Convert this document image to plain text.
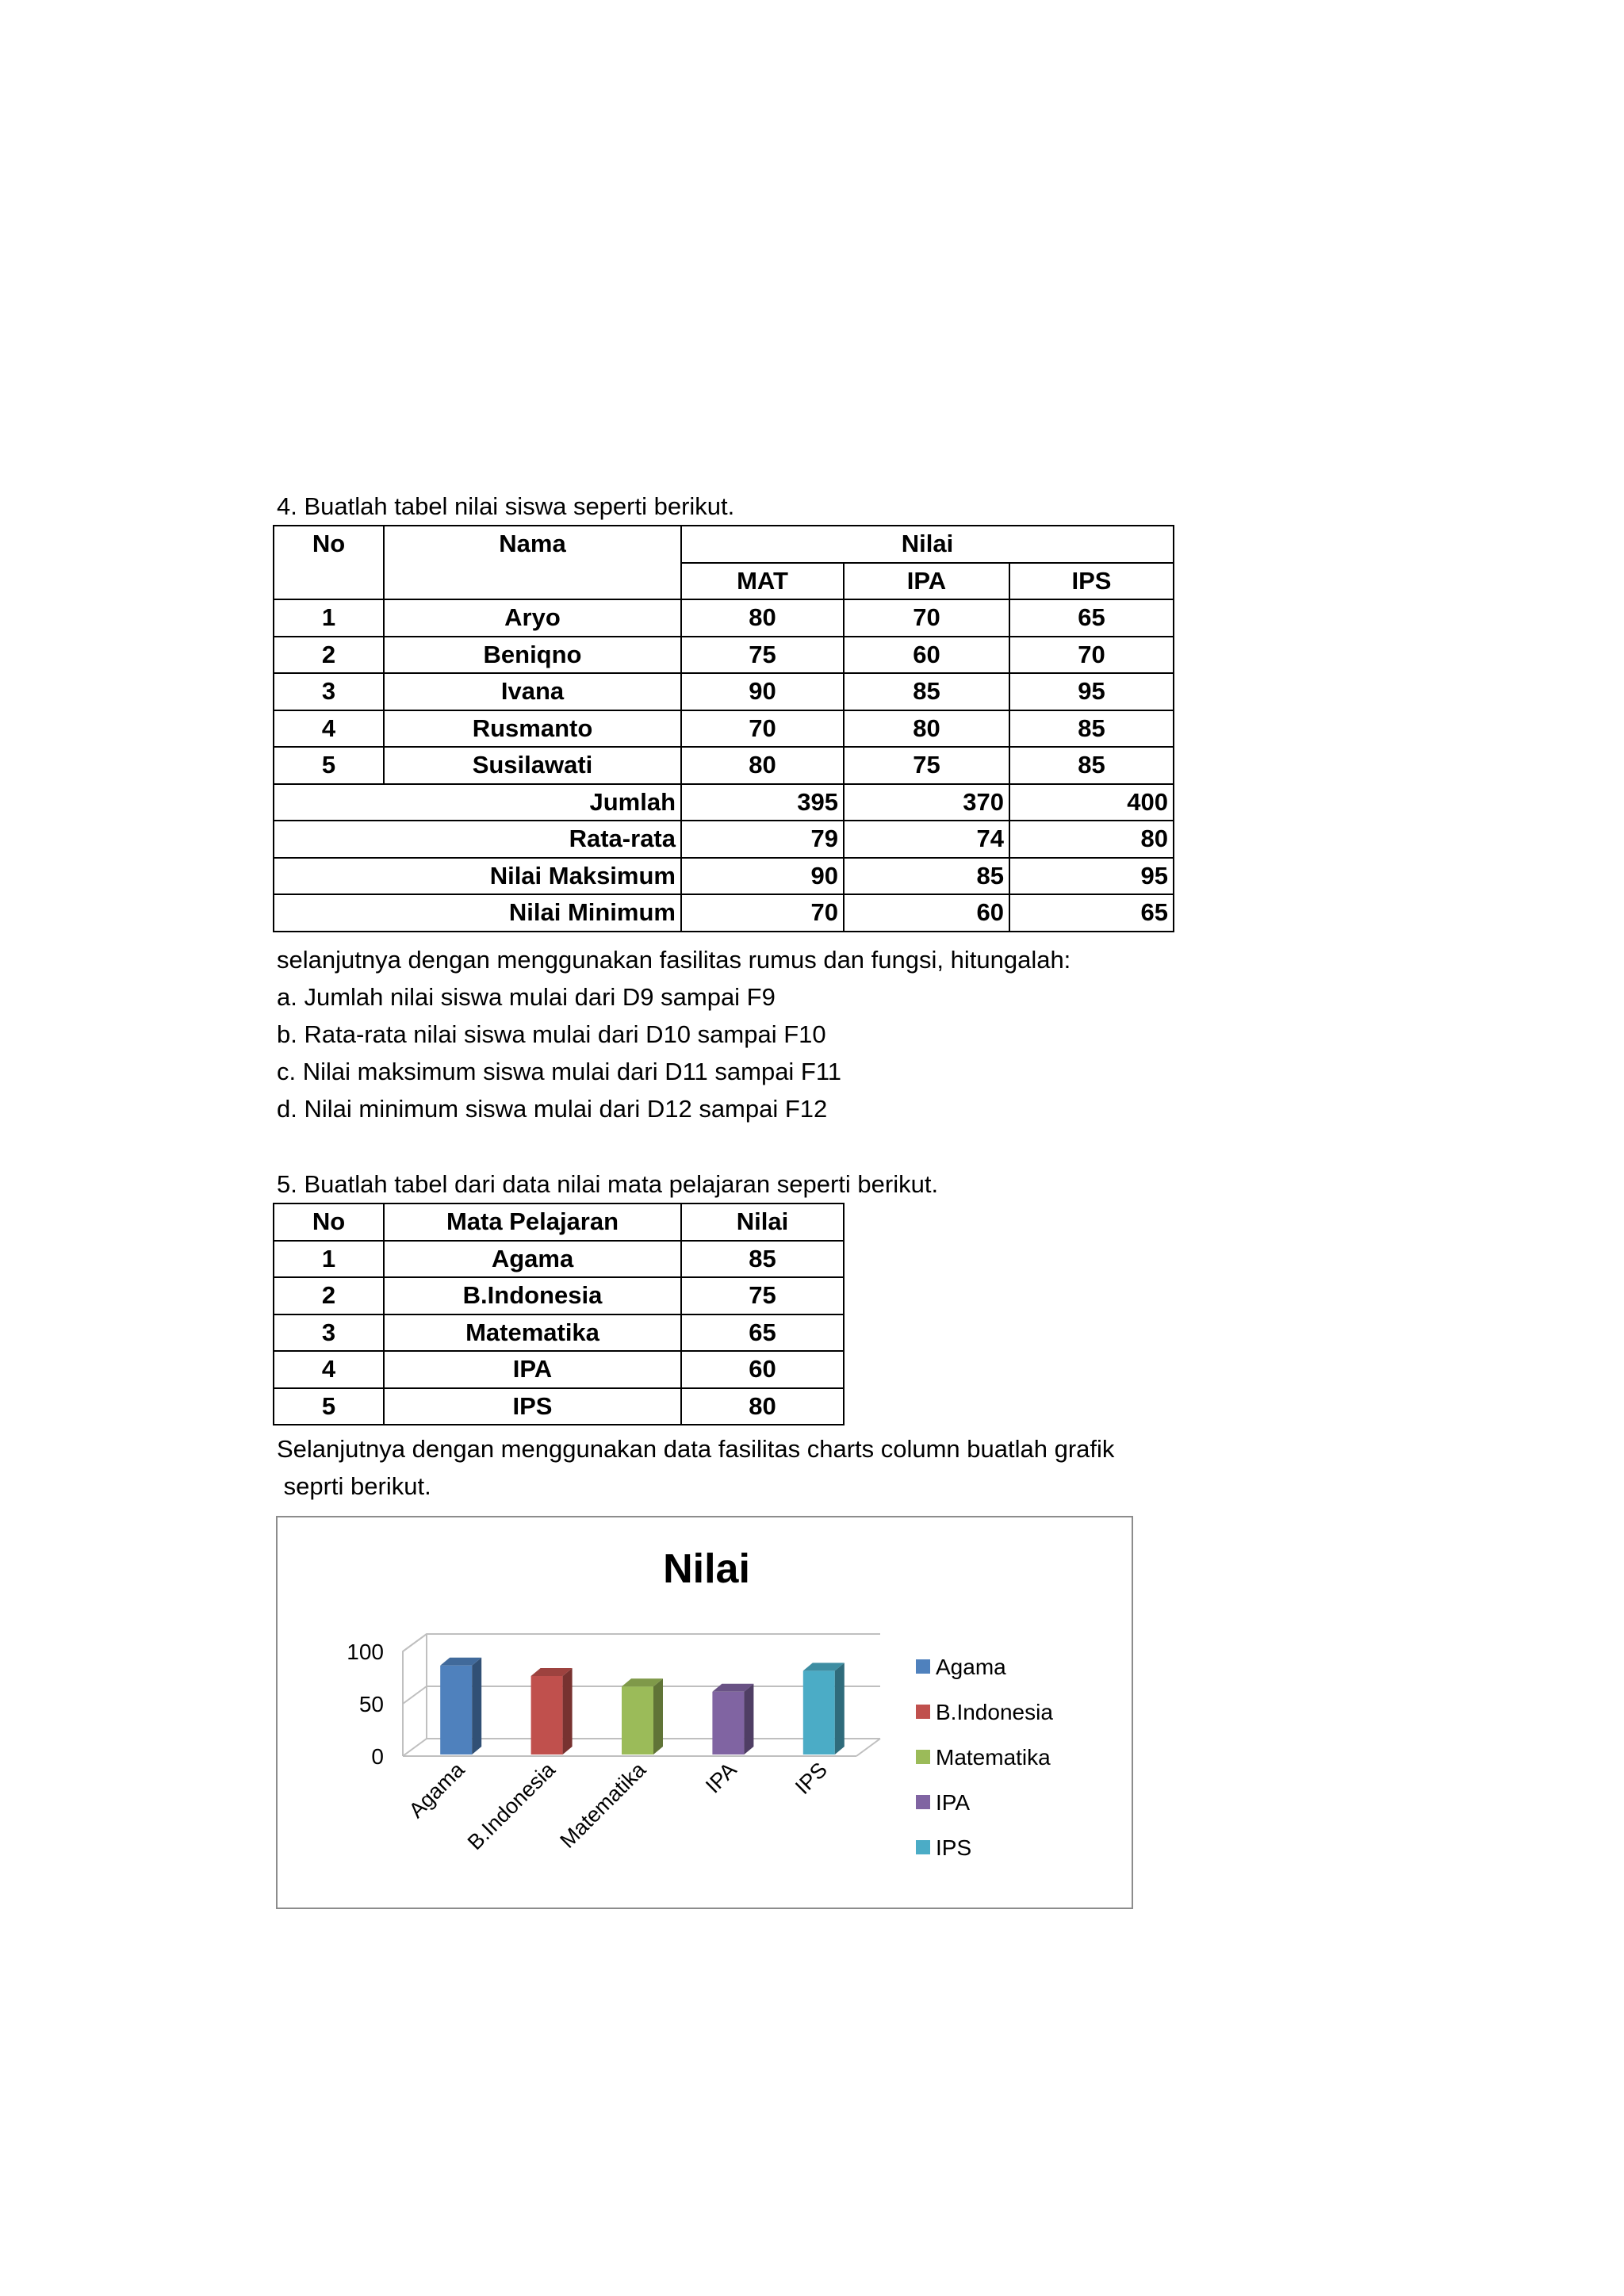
4. Buatlah tabel nilai siswa seperti berikut.
No	Nama	Nilai		
		MAT	IPA	IPS
1	Aryo	80	70	65
2	Beniqno	75	60	70
3	Ivana	90	85	95
4	Rusmanto	70	80	85
5	Susilawati	80	75	85
Jumlah		395	370	400
Rata-rata		79	74	80
Nilai Maksimum		90	85	95
Nilai Minimum		70	60	65
selanjutnya dengan menggunakan fasilitas rumus dan fungsi, hitungalah:
a. Jumlah nilai siswa mulai dari D9 sampai F9
b. Rata-rata nilai siswa mulai dari D10 sampai F10
c. Nilai maksimum siswa mulai dari D11 sampai F11
d. Nilai minimum siswa mulai dari D12 sampai F12
5. Buatlah tabel dari data nilai mata pelajaran seperti berikut.
No	Mata Pelajaran	Nilai
1	Agama	85
2	B.Indonesia	75
3	Matematika	65
4	IPA	60
5	IPS	80
Selanjutnya dengan menggunakan data fasilitas charts column buatlah grafik
seprti berikut.
Nilai
0
50
100
Agama
B.Indonesia
Matematika IPA IPS
Agama
B.Indonesia
Matematika
IPA
IPS
